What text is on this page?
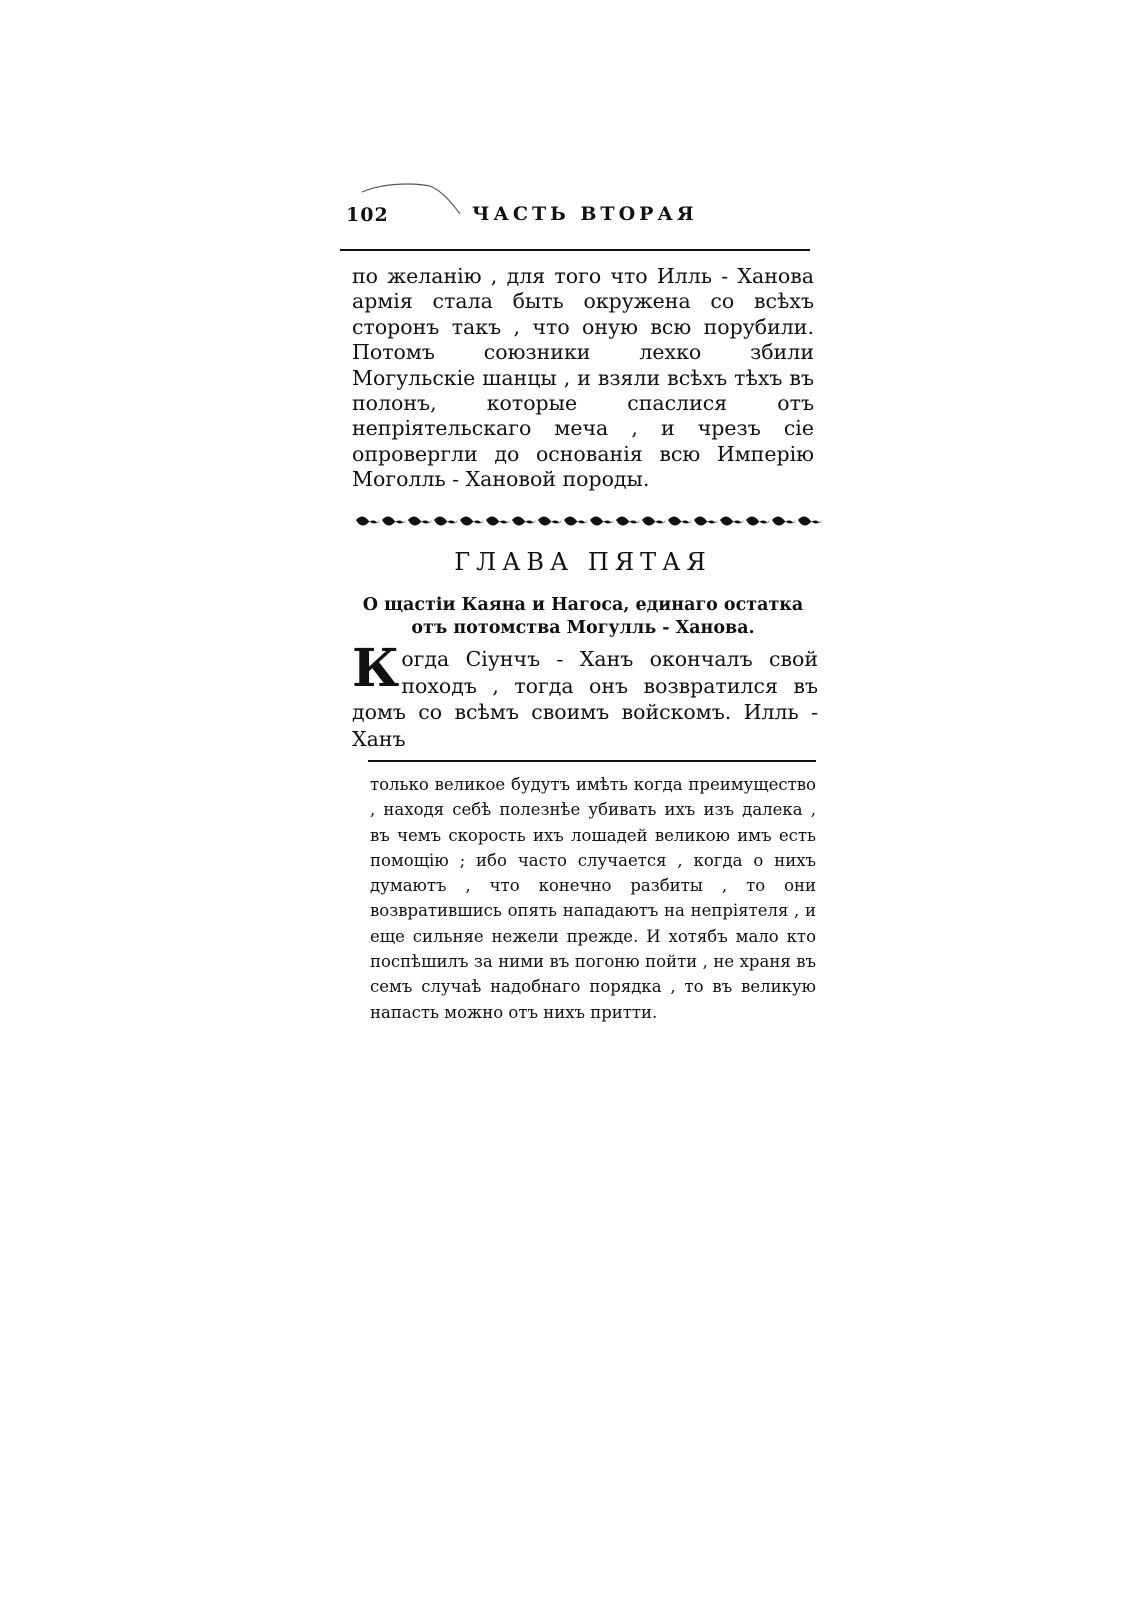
102	ЧАСТЬ ВТОРАЯ

по желанію , для того что Илль - Ханова армія стала быть окружена со всѣхъ сторонъ такъ , что оную всю порубили. Потомъ союзники лехко збили Могульскіе шанцы , и взяли всѣхъ тѣхъ въ полонъ, которые спаслися отъ непріятельскаго меча , и чрезъ сіе опровергли до основанія всю Имперію Моголль - Хановой породы.

ГЛАВА ПЯТАЯ
О щастіи Каяна и Нагоса, единаго остатка
отъ потомства Могулль - Ханова.

Когда Сіунчъ - Ханъ окончалъ свой походъ , тогда онъ возвратился въ домъ со всѣмъ своимъ войскомъ. Илль - Ханъ

только великое будутъ имѣть когда преимущество , находя себѣ полезнѣе убивать ихъ изъ далека , въ чемъ скорость ихъ лошадей великою имъ есть помощію ; ибо часто случается , когда о нихъ думаютъ , что конечно разбиты , то они возвратившись опять нападаютъ на непріятеля , и еще сильняе нежели прежде. И хотябъ мало кто поспѣшилъ за ними въ погоню пойти , не храня въ семъ случаѣ надобнаго порядка , то въ великую напасть можно отъ нихъ притти.
